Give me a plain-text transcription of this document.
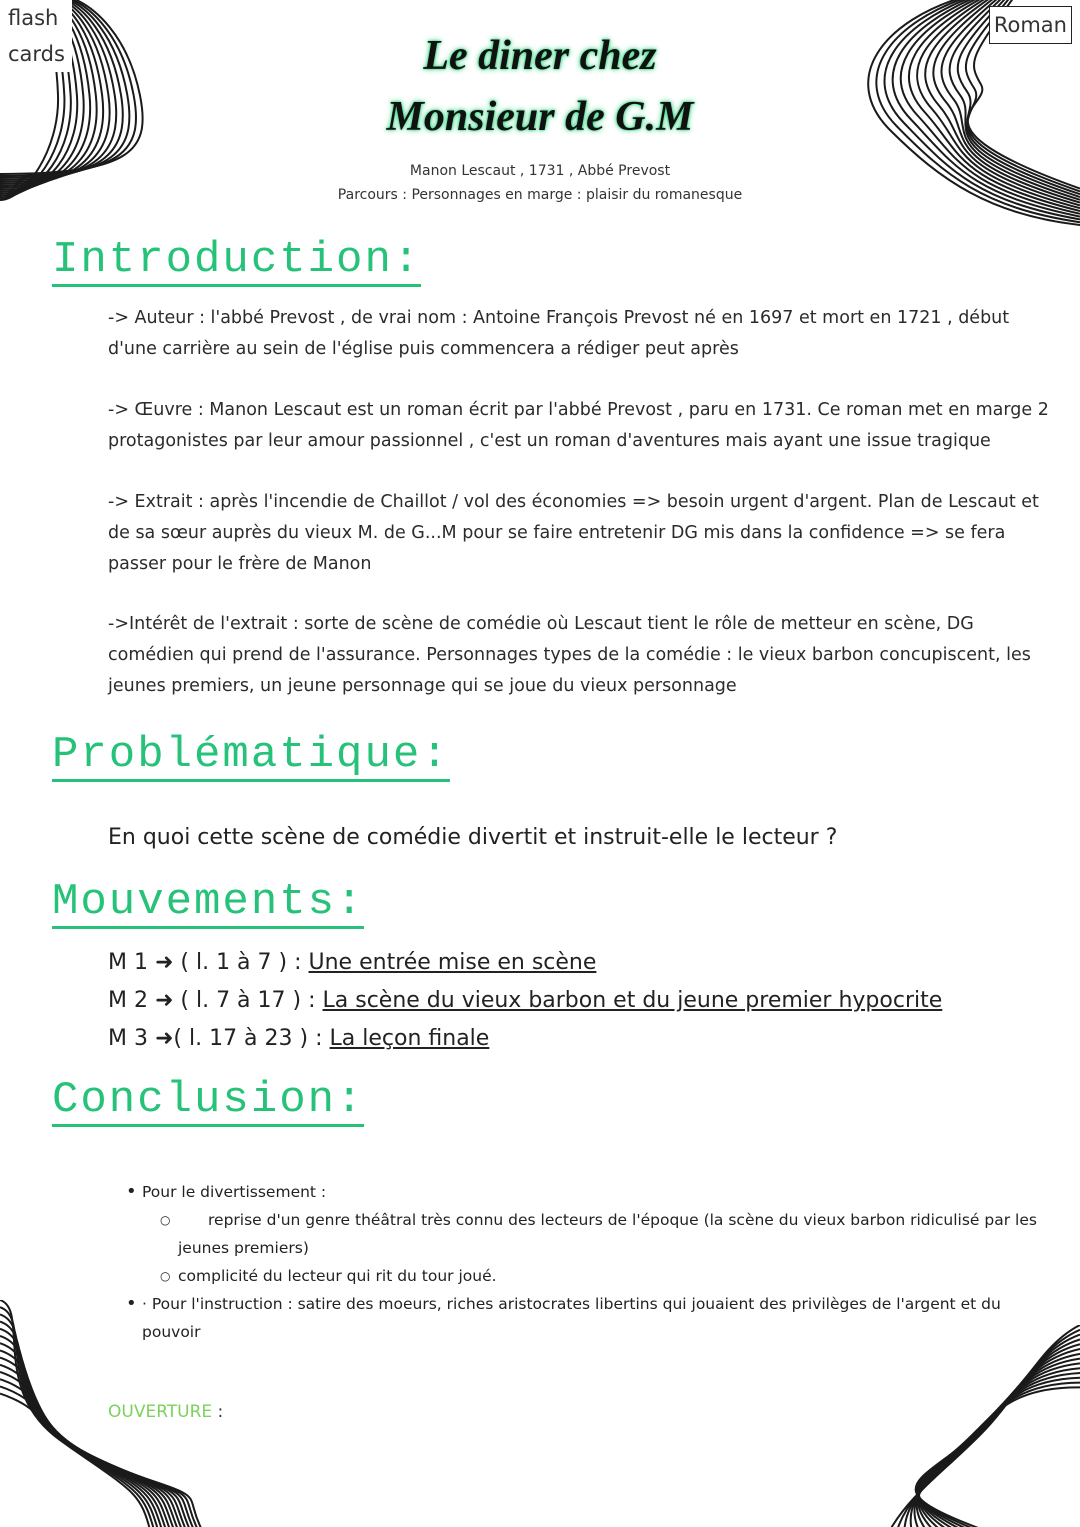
flash cards
Roman
Le diner chez
Monsieur de G.M
Manon Lescaut , 1731 , Abbé Prevost
Parcours : Personnages en marge : plaisir du romanesque
Introduction:
-> Auteur : l'abbé Prevost , de vrai nom : Antoine François Prevost né en 1697 et mort en 1721 , début d'une carrière au sein de l'église puis commencera a rédiger peut après
-> Œuvre : Manon Lescaut est un roman écrit par l'abbé Prevost , paru en 1731. Ce roman met en marge 2 protagonistes par leur amour passionnel , c'est un roman d'aventures mais ayant une issue tragique
-> Extrait : après l'incendie de Chaillot / vol des économies => besoin urgent d'argent. Plan de Lescaut et de sa sœur auprès du vieux M. de G...M pour se faire entretenir DG mis dans la confidence => se fera passer pour le frère de Manon
->Intérêt de l'extrait : sorte de scène de comédie où Lescaut tient le rôle de metteur en scène, DG comédien qui prend de l'assurance. Personnages types de la comédie : le vieux barbon concupiscent, les jeunes premiers, un jeune personnage qui se joue du vieux personnage
Problématique:
En quoi cette scène de comédie divertit et instruit-elle le lecteur ?
Mouvements:
M 1 ➜ ( l. 1 à 7 ) : Une entrée mise en scène
M 2 ➜ ( l. 7 à 17 ) : La scène du vieux barbon et du jeune premier hypocrite
M 3 ➜( l. 17 à 23 ) : La leçon finale
Conclusion:
• Pour le divertissement :
○ reprise d'un genre théâtral très connu des lecteurs de l'époque (la scène du vieux barbon ridiculisé par les jeunes premiers)
○ complicité du lecteur qui rit du tour joué.
• · Pour l'instruction : satire des moeurs, riches aristocrates libertins qui jouaient des privilèges de l'argent et du pouvoir
OUVERTURE :
